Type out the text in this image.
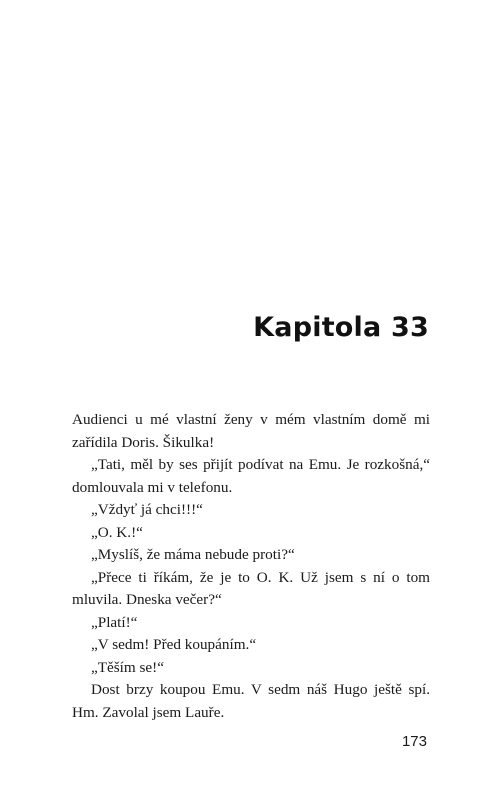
Kapitola 33

Audienci u mé vlastní ženy v mém vlastním domě mi zařídila Doris. Šikulka!

„Tati, měl by ses přijít podívat na Emu. Je rozkošná,“ domlouvala mi v telefonu.

„Vždyť já chci!!!“

„O. K.!“

„Myslíš, že máma nebude proti?“

„Přece ti říkám, že je to O. K. Už jsem s ní o tom mluvila. Dneska večer?“

„Platí!“

„V sedm! Před koupáním.“

„Těším se!“

Dost brzy koupou Emu. V sedm náš Hugo ještě spí. Hm. Zavolal jsem Lauře.

173
